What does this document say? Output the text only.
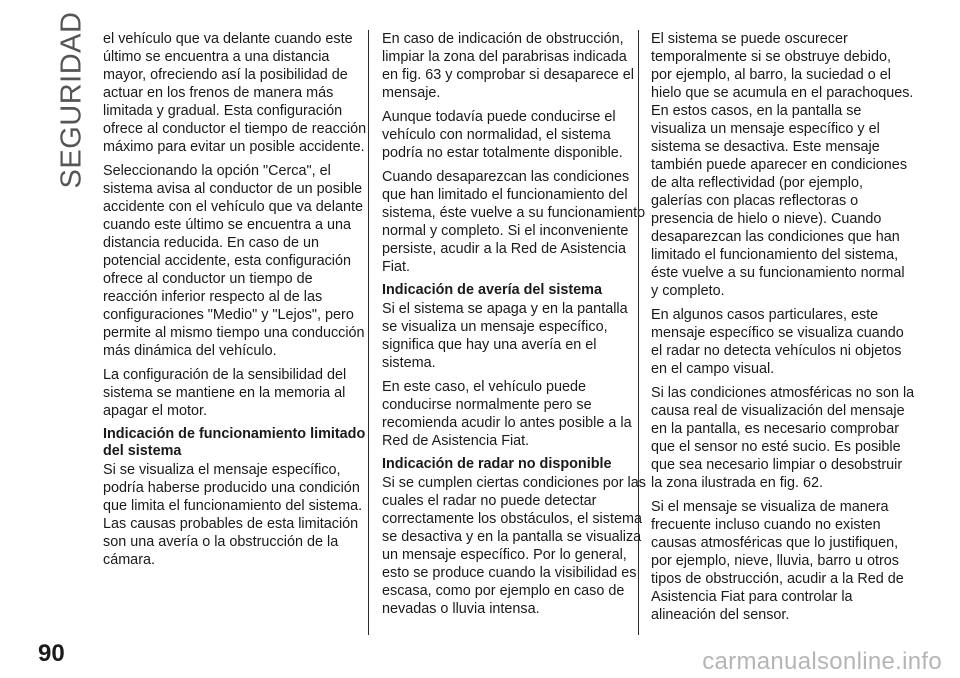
SEGURIDAD el vehículo que va delante cuando este último se encuentra a una distancia mayor, ofreciendo así la posibilidad de actuar en los frenos de manera más limitada y gradual. Esta configuración ofrece al conductor el tiempo de reacción máximo para evitar un posible accidente.

Seleccionando la opción "Cerca", el sistema avisa al conductor de un posible accidente con el vehículo que va delante cuando este último se encuentra a una distancia reducida. En caso de un potencial accidente, esta configuración ofrece al conductor un tiempo de reacción inferior respecto al de las configuraciones "Medio" y "Lejos", pero permite al mismo tiempo una conducción más dinámica del vehículo.

La configuración de la sensibilidad del sistema se mantiene en la memoria al apagar el motor.

Indicación de funcionamiento limitado del sistema

Si se visualiza el mensaje específico, podría haberse producido una condición que limita el funcionamiento del sistema. Las causas probables de esta limitación son una avería o la obstrucción de la cámara.

En caso de indicación de obstrucción, limpiar la zona del parabrisas indicada en fig. 63 y comprobar si desaparece el mensaje.

Aunque todavía puede conducirse el vehículo con normalidad, el sistema podría no estar totalmente disponible.

Cuando desaparezcan las condiciones que han limitado el funcionamiento del sistema, éste vuelve a su funcionamiento normal y completo. Si el inconveniente persiste, acudir a la Red de Asistencia Fiat.

Indicación de avería del sistema

Si el sistema se apaga y en la pantalla se visualiza un mensaje específico, significa que hay una avería en el sistema.

En este caso, el vehículo puede conducirse normalmente pero se recomienda acudir lo antes posible a la Red de Asistencia Fiat.

Indicación de radar no disponible

Si se cumplen ciertas condiciones por las cuales el radar no puede detectar correctamente los obstáculos, el sistema se desactiva y en la pantalla se visualiza un mensaje específico. Por lo general, esto se produce cuando la visibilidad es escasa, como por ejemplo en caso de nevadas o lluvia intensa.

El sistema se puede oscurecer temporalmente si se obstruye debido, por ejemplo, al barro, la suciedad o el hielo que se acumula en el parachoques. En estos casos, en la pantalla se visualiza un mensaje específico y el sistema se desactiva. Este mensaje también puede aparecer en condiciones de alta reflectividad (por ejemplo, galerías con placas reflectoras o presencia de hielo o nieve). Cuando desaparezcan las condiciones que han limitado el funcionamiento del sistema, éste vuelve a su funcionamiento normal y completo.

En algunos casos particulares, este mensaje específico se visualiza cuando el radar no detecta vehículos ni objetos en el campo visual.

Si las condiciones atmosféricas no son la causa real de visualización del mensaje en la pantalla, es necesario comprobar que el sensor no esté sucio. Es posible que sea necesario limpiar o desobstruir la zona ilustrada en fig. 62.

Si el mensaje se visualiza de manera frecuente incluso cuando no existen causas atmosféricas que lo justifiquen, por ejemplo, nieve, lluvia, barro u otros tipos de obstrucción, acudir a la Red de Asistencia Fiat para controlar la alineación del sensor.

90	carmanualsonline.info
